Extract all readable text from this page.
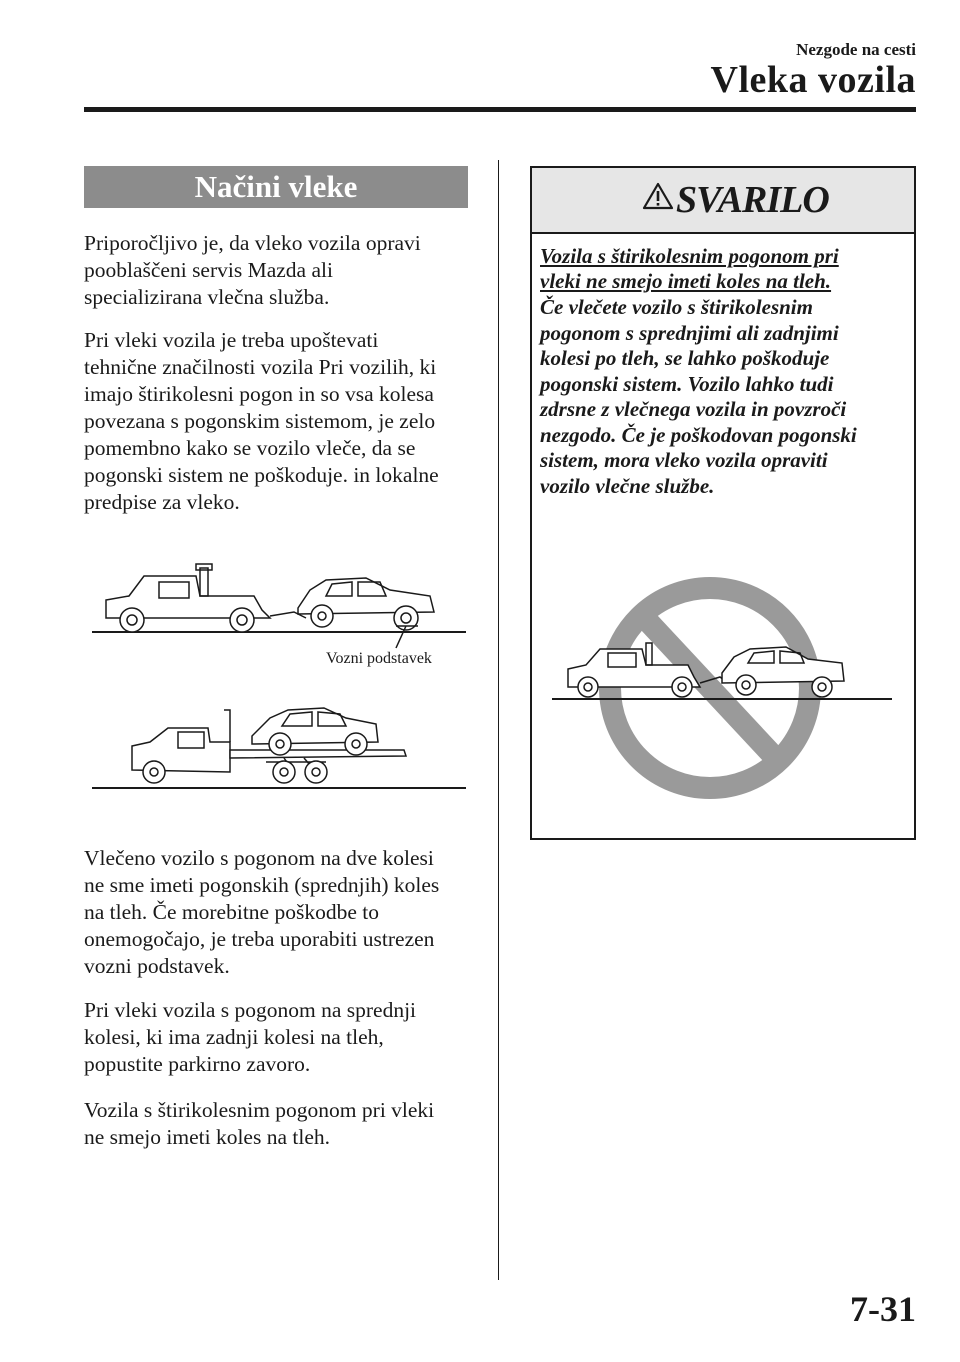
Nezgode na cesti
Vleka vozila
Načini vleke
Priporočljivo je, da vleko vozila opravi
pooblaščeni servis Mazda ali
specializirana vlečna služba.
Pri vleki vozila je treba upoštevati
tehnične značilnosti vozila Pri vozilih, ki
imajo štirikolesni pogon in so vsa kolesa
povezana s pogonskim sistemom, je zelo
pomembno kako se vozilo vleče, da se
pogonski sistem ne poškoduje. in lokalne
predpise za vleko.
Vozni podstavek
Vlečeno vozilo s pogonom na dve kolesi
ne sme imeti pogonskih (sprednjih) koles
na tleh. Če morebitne poškodbe to
onemogočajo, je treba uporabiti ustrezen
vozni podstavek.
Pri vleki vozila s pogonom na sprednji
kolesi, ki ima zadnji kolesi na tleh,
popustite parkirno zavoro.
Vozila s štirikolesnim pogonom pri vleki
ne smejo imeti koles na tleh.
SVARILO
Vozila s štirikolesnim pogonom pri
vleki ne smejo imeti koles na tleh.
Če vlečete vozilo s štirikolesnim
pogonom s sprednjimi ali zadnjimi
kolesi po tleh, se lahko poškoduje
pogonski sistem. Vozilo lahko tudi
zdrsne z vlečnega vozila in povzroči
nezgodo. Če je poškodovan pogonski
sistem, mora vleko vozila opraviti
vozilo vlečne službe.
7-31
